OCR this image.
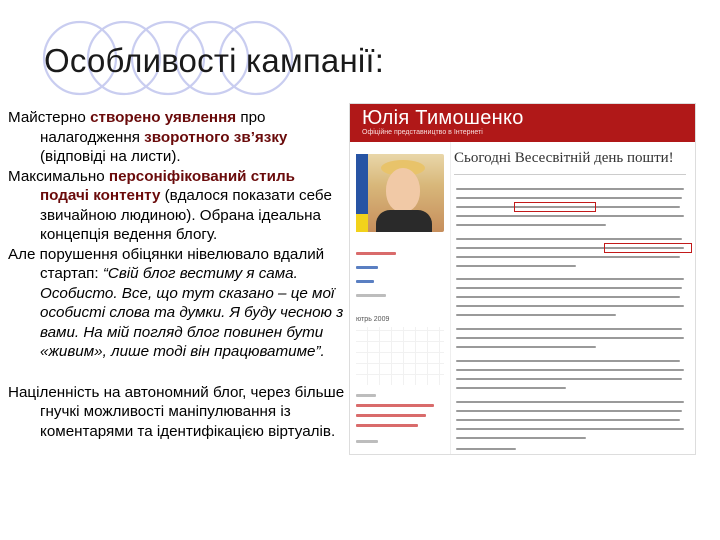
Особливості кампанії:

Майстерно створено уявлення про налагодження зворотного зв’язку (відповіді на листи).

Максимально персоніфікований стиль подачі контенту (вдалося показати себе звичайною людиною). Обрана ідеальна концепція ведення блогу.

Але порушення обіцянки нівелювало вдалий стартап: “Свій блог вестиму я сама. Особисто. Все, що тут сказано – це мої особисті слова та думки. Я буду чесною з вами. На мій погляд блог повинен бути «живим», лише тоді він працюватиме”.

Націленність на автономний блог, через більше гнучкі можливості маніпулювання із коментарями та ідентифікацією віртуалів.

Юлія Тимошенко
Офіційне представництво в Інтернеті
ютрь 2009
Сьогодні Весесвітній день пошти!
